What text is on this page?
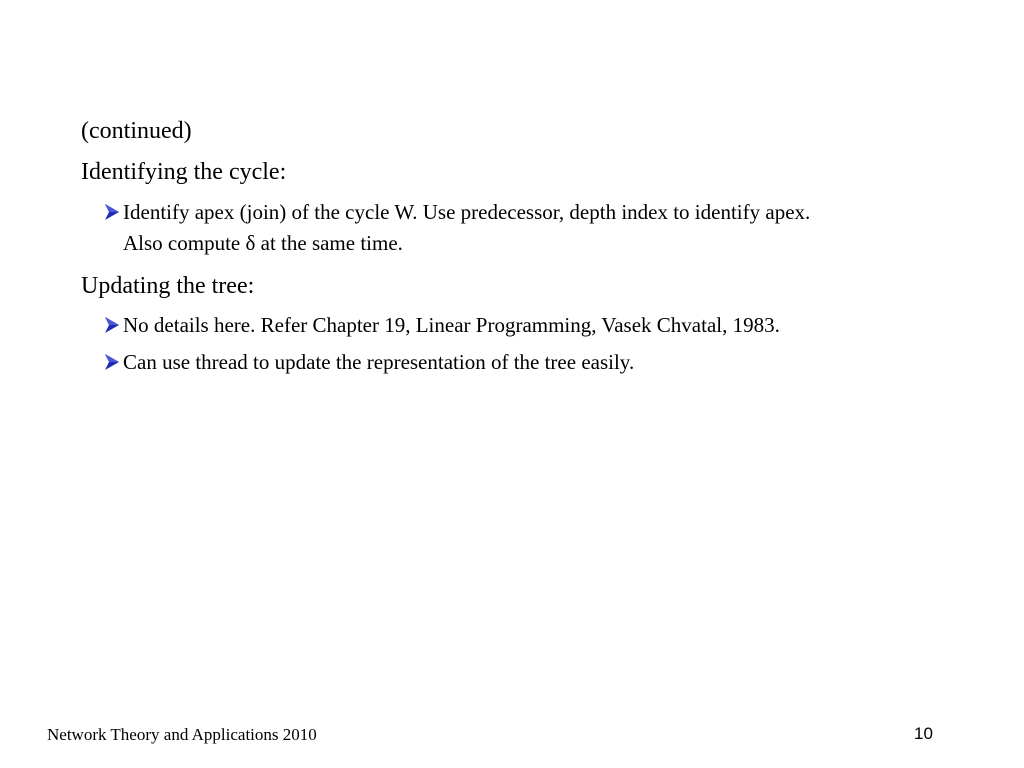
(continued)
Identifying the cycle:
Identify apex (join) of the cycle W. Use predecessor, depth index to identify apex.
Also compute δ at the same time.
Updating the tree:
No details here. Refer Chapter 19, Linear Programming, Vasek Chvatal, 1983.
Can use thread to update the representation of the tree easily.
Network Theory and Applications 2010	10
